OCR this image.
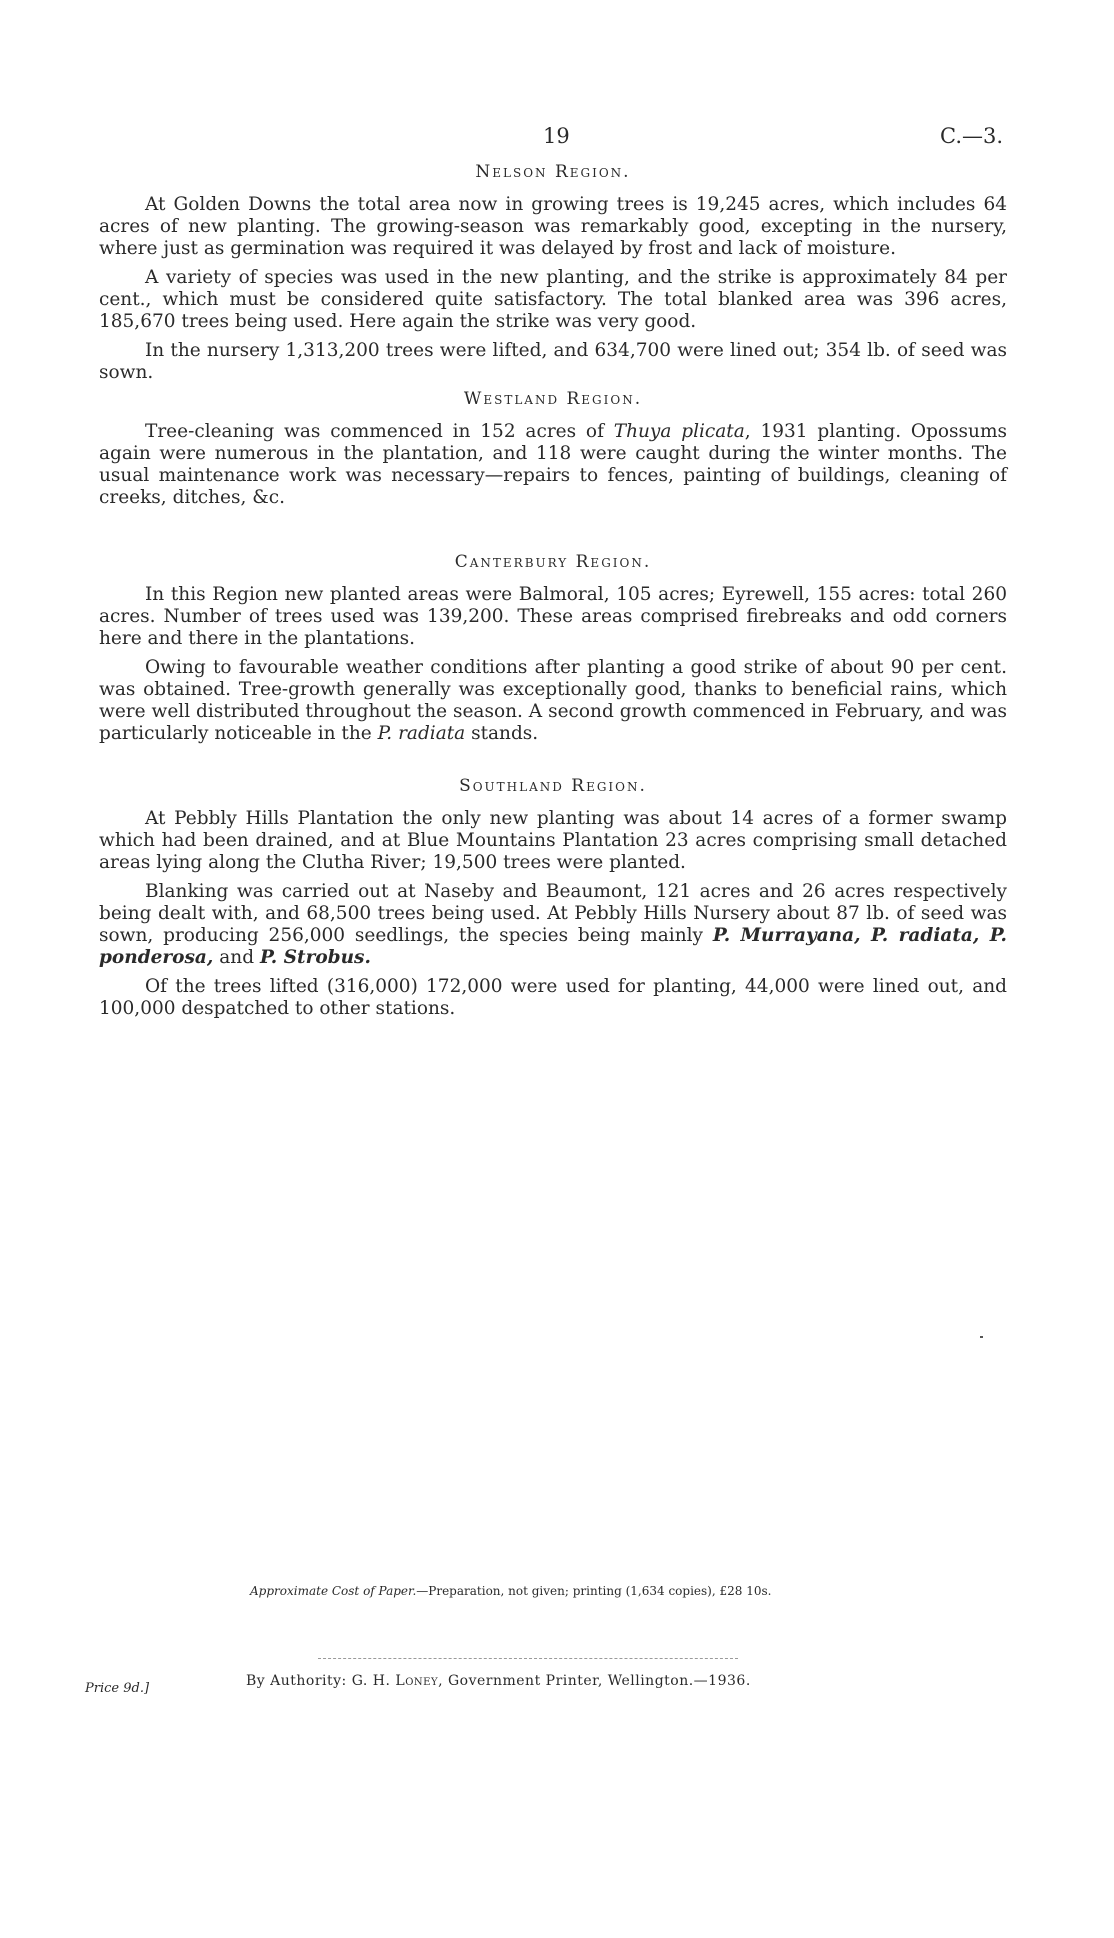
19	C.—3.
Nelson Region.

At Golden Downs the total area now in growing trees is 19,245 acres, which includes 64 acres of new planting. The growing-season was remarkably good, excepting in the nursery, where just as germination was required it was delayed by frost and lack of moisture.

A variety of species was used in the new planting, and the strike is approximately 84 per cent., which must be considered quite satisfactory. The total blanked area was 396 acres, 185,670 trees being used. Here again the strike was very good.

In the nursery 1,313,200 trees were lifted, and 634,700 were lined out; 354 lb. of seed was sown.

Westland Region.

Tree-cleaning was commenced in 152 acres of Thuya plicata, 1931 planting. Opossums again were numerous in the plantation, and 118 were caught during the winter months. The usual maintenance work was necessary—repairs to fences, painting of buildings, cleaning of creeks, ditches, &c.

Canterbury Region.

In this Region new planted areas were Balmoral, 105 acres; Eyrewell, 155 acres: total 260 acres. Number of trees used was 139,200. These areas comprised firebreaks and odd corners here and there in the plantations.

Owing to favourable weather conditions after planting a good strike of about 90 per cent. was obtained. Tree-growth generally was exceptionally good, thanks to beneficial rains, which were well distributed throughout the season. A second growth commenced in February, and was particularly noticeable in the P. radiata stands.

Southland Region.

At Pebbly Hills Plantation the only new planting was about 14 acres of a former swamp which had been drained, and at Blue Mountains Plantation 23 acres comprising small detached areas lying along the Clutha River; 19,500 trees were planted.

Blanking was carried out at Naseby and Beaumont, 121 acres and 26 acres respectively being dealt with, and 68,500 trees being used. At Pebbly Hills Nursery about 87 lb. of seed was sown, producing 256,000 seedlings, the species being mainly P. Murrayana, P. radiata, P. ponderosa, and P. Strobus.

Of the trees lifted (316,000) 172,000 were used for planting, 44,000 were lined out, and 100,000 despatched to other stations.

Approximate Cost of Paper.—Preparation, not given; printing (1,634 copies), £28 10s.
By Authority: G. H. Loney, Government Printer, Wellington.—1936.
Price 9d.]
